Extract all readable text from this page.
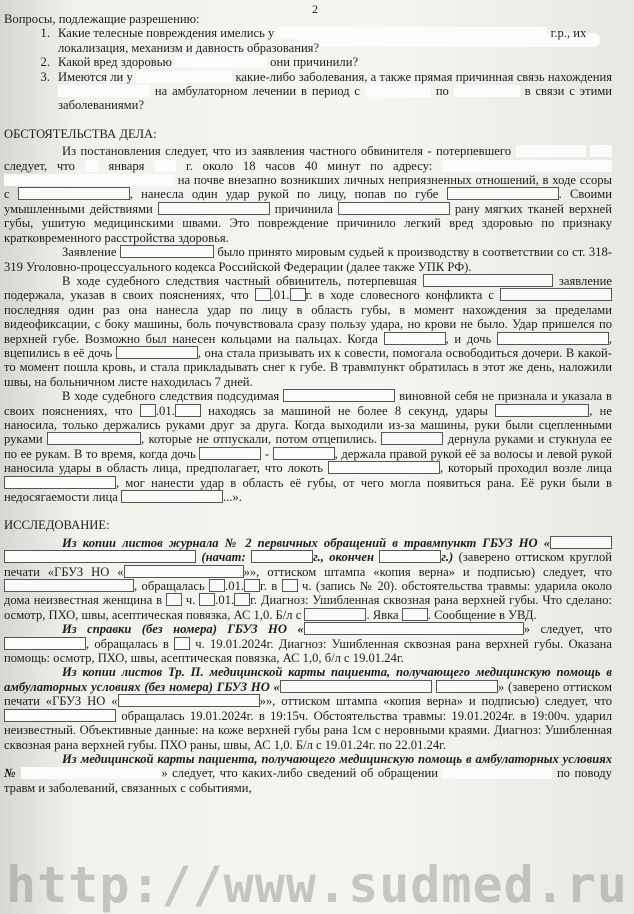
2

Вопросы, подлежащие разрешению:

1. Какие телесные повреждения имелись у	г.р., их локализация, механизм и давность образования?
2. Какой вред здоровью	они причинили?
3. Имеются ли у	какие-либо заболевания, а также прямая причинная связь нахождения  на амбулаторном лечении в период с	по	в связи с этими заболеваниями?

ОБСТОЯТЕЛЬСТВА ДЕЛА:

Из постановления следует, что из заявления частного обвинителя - потерпевшего   следует, что	января	г. около 18 часов 40 минут по адресу:   на почве внезапно возникших личных неприязненных отношений, в ходе ссоры с	, нанесла один удар рукой по лицу, попав по губе	. Своими умышленными действиями	причинила	рану мягких тканей верхней губы, ушитую медицинскими швами. Это повреждение причинило легкий вред здоровью по признаку кратковременного расстройства здоровья.

Заявление	было принято мировым судьей к производству в соответствии со ст. 318-319 Уголовно-процессуального кодекса Российской Федерации (далее также УПК РФ).

В ходе судебного следствия частный обвинитель, потерпевшая	заявление подержала, указав в своих пояснениях, что .01. г. в ходе словесного конфликта с  последняя один раз она нанесла удар по лицу в область губы, в момент нахождения за пределами видеофиксации, с боку машины, боль почувствовала сразу пользу удара, но крови не было. Удар пришелся по верхней губе. Возможно был нанесен кольцами на пальцах. Когда	, и дочь	, вцепились в её дочь	, она стала призывать их к совести, помогала освободиться дочери. В какой-то момент пошла кровь, и стала прикладывать снег к губе. В травмпункт обратилась в этот же день, наложили швы, на больничном листе находилась 7 дней.

В ходе судебного следствия подсудимая	виновной себя не признала и указала в своих пояснениях, что .01.	находясь за машиной не более 8 секунд, удары	, не наносила, только держались руками друг за друга. Когда выходили из-за машины, руки были сцепленными руками	, которые не отпускали, потом отцепились.	дернула руками и стукнула ее по ее рукам. В то время, когда дочь	-	, держала правой рукой её за волосы и левой рукой наносила удары в область лица, предполагает, что локоть	, который проходил возле лица , мог нанести удар в область её губы, от чего могла появиться рана. Её руки были в недосягаемости лица	...».

ИССЛЕДОВАНИЕ:

Из копии листов журнала № 2 первичных обращений в травмпункт ГБУЗ НО «  (начат:	г., окончен	г.) (заверено оттиском круглой печати «ГБУЗ НО «	»», оттиском штампа «копия верна» и подписью) следует, что , обращалась .01. г. в ч. (запись № 20). обстоятельства травмы: ударила около дома неизвестная женщина в ч. .01. г. Диагноз: Ушибленная сквозная рана верхней губы. Что сделано: осмотр, ПХО, швы, асептическая повязка, АС 1,0. Б/л с	. Явка . Сообщение в УВД.

Из справки (без номера) ГБУЗ НО «	» следует, что , обращалась в ч. 19.01.2024г. Диагноз: Ушибленная сквозная рана верхней губы. Оказана помощь: осмотр, ПХО, швы, асептическая повязка, АС 1,0, б/л с 19.01.24г.

Из копии листов Тр. П. медицинской карты пациента, получающего медицинскую помощь в амбулаторных условиях (без номера) ГБУЗ НО «	» (заверено оттиском печати «ГБУЗ НО «	»», оттиском штампа «копия верна» и подписью) следует, что  обращалась 19.01.2024г. в 19:15ч. Обстоятельства травмы: 19.01.2024г. в 19:00ч. ударил неизвестный. Объективные данные: на коже верхней губы рана 1см с неровными краями. Диагноз: Ушибленная сквозная рана верхней губы. ПХО раны, швы, АС 1,0. Б/л с 19.01.24г. по 22.01.24г.

Из медицинской карты пациента, получающего медицинскую помощь в амбулаторных условиях №	» следует, что каких-либо сведений об обращении	по поводу травм и заболеваний, связанных с событиями,

http://www.sudmed.ru
